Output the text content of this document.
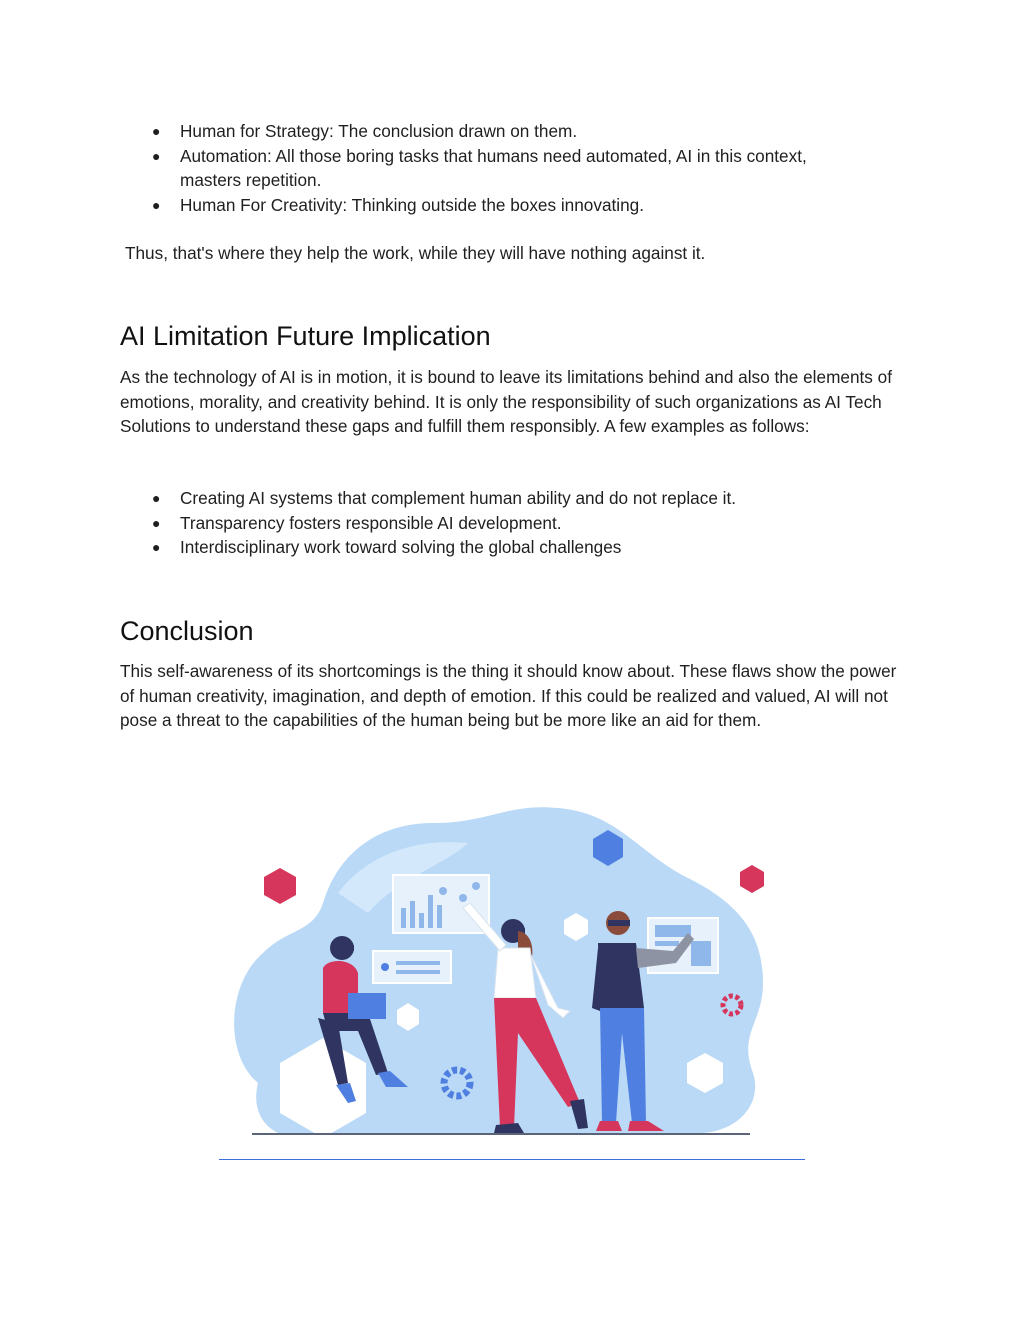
● Human for Strategy: The conclusion drawn on them.
● Automation: All those boring tasks that humans need automated, AI in this context, masters repetition.
● Human For Creativity: Thinking outside the boxes innovating.

Thus, that's where they help the work, while they will have nothing against it.

AI Limitation Future Implication

As the technology of AI is in motion, it is bound to leave its limitations behind and also the elements of emotions, morality, and creativity behind. It is only the responsibility of such organizations as AI Tech Solutions to understand these gaps and fulfill them responsibly. A few examples as follows:

● Creating AI systems that complement human ability and do not replace it.
● Transparency fosters responsible AI development.
● Interdisciplinary work toward solving the global challenges
Conclusion

This self-awareness of its shortcomings is the thing it should know about. These flaws show the power of human creativity, imagination, and depth of emotion. If this could be realized and valued, AI will not pose a threat to the capabilities of the human being but be more like an aid for them.
